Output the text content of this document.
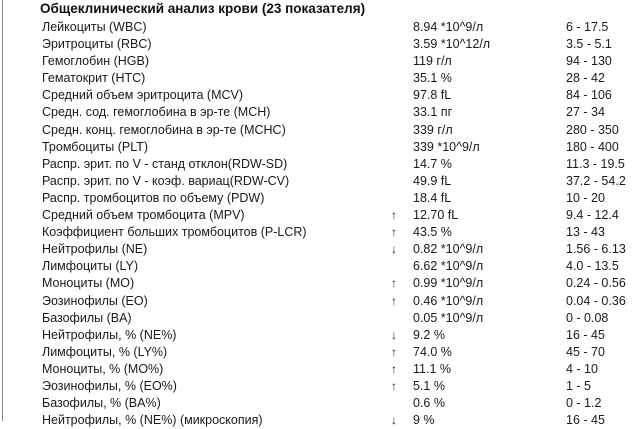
Общеклинический анализ крови (23 показателя)
Лейкоциты (WBC)	8.94 *10^9/л	6 - 17.5
Эритроциты (RBC)	3.59 *10^12/л	3.5 - 5.1
Гемоглобин (HGB)	119 г/л	94 - 130
Гематокрит (HTC)	35.1 %	28 - 42
Средний объем эритроцита (MCV)	97.8 fL	84 - 106
Средн. сод. гемоглобина в эр-те (MCH)	33.1 пг	27 - 34
Средн. конц. гемоглобина в эр-те (MCHC)	339 г/л	280 - 350
Тромбоциты (PLT)	339 *10^9/л	180 - 400
Распр. эрит. по V - станд отклон(RDW-SD)	14.7 %	11.3 - 19.5
Распр. эрит. по V - коэф. вариац(RDW-CV)	49.9 fL	37.2 - 54.2
Распр. тромбоцитов по объему (PDW)	18.4 fL	10 - 20
Средний объем тромбоцита (MPV)	↑ 12.70 fL	9.4 - 12.4
Коэффициент больших тромбоцитов (P-LCR)	↑ 43.5 %	13 - 43
Нейтрофилы (NE)	↓ 0.82 *10^9/л	1.56 - 6.13
Лимфоциты (LY)	6.62 *10^9/л	4.0 - 13.5
Моноциты (MO)	↑ 0.99 *10^9/л	0.24 - 0.56
Эозинофилы (EO)	↑ 0.46 *10^9/л	0.04 - 0.36
Базофилы (BA)	0.05 *10^9/л	0 - 0.08
Нейтрофилы, % (NE%)	↓ 9.2 %	16 - 45
Лимфоциты, % (LY%)	↑ 74.0 %	45 - 70
Моноциты, % (MO%)	↑ 11.1 %	4 - 10
Эозинофилы, % (EO%)	↑ 5.1 %	1 - 5
Базофилы, % (BA%)	0.6 %	0 - 1.2
Нейтрофилы, % (NE%) (микроскопия)	↓ 9 %	16 - 45
